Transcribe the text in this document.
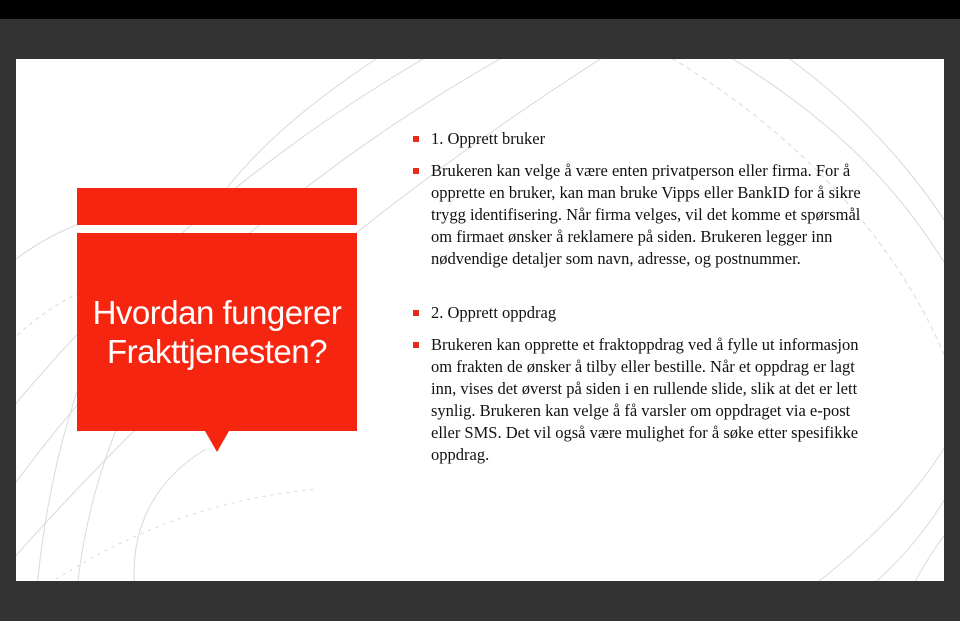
Hvordan fungerer Frakttjenesten?
1. Opprett bruker
Brukeren kan velge å være enten privatperson eller firma. For å opprette en bruker, kan man bruke Vipps eller BankID for å sikre trygg identifisering. Når firma velges, vil det komme et spørsmål om firmaet ønsker å reklamere på siden. Brukeren legger inn nødvendige detaljer som navn, adresse, og postnummer.
2. Opprett oppdrag
Brukeren kan opprette et fraktoppdrag ved å fylle ut informasjon om frakten de ønsker å tilby eller bestille. Når et oppdrag er lagt inn, vises det øverst på siden i en rullende slide, slik at det er lett synlig. Brukeren kan velge å få varsler om oppdraget via e-post eller SMS. Det vil også være mulighet for å søke etter spesifikke oppdrag.
